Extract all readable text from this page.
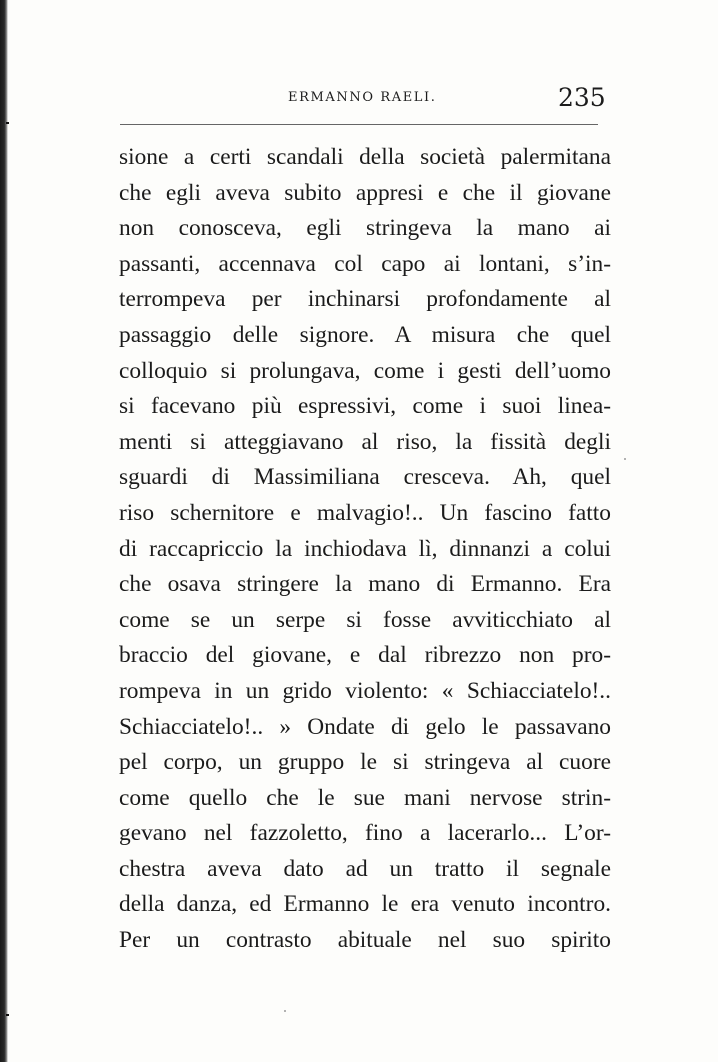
ERMANNO RAELI.	235
sione a certi scandali della società palermitana
che egli aveva subito appresi e che il giovane
non conosceva, egli stringeva la mano ai
passanti, accennava col capo ai lontani, s’in-
terrompeva per inchinarsi profondamente al
passaggio delle signore. A misura che quel
colloquio si prolungava, come i gesti dell’uomo
si facevano più espressivi, come i suoi linea-
menti si atteggiavano al riso, la fissità degli
sguardi di Massimiliana cresceva. Ah, quel
riso schernitore e malvagio!.. Un fascino fatto
di raccapriccio la inchiodava lì, dinnanzi a colui
che osava stringere la mano di Ermanno. Era
come se un serpe si fosse avviticchiato al
braccio del giovane, e dal ribrezzo non pro-
rompeva in un grido violento: « Schiacciatelo!..
Schiacciatelo!.. » Ondate di gelo le passavano
pel corpo, un gruppo le si stringeva al cuore
come quello che le sue mani nervose strin-
gevano nel fazzoletto, fino a lacerarlo... L’or-
chestra aveva dato ad un tratto il segnale
della danza, ed Ermanno le era venuto incontro.
Per un contrasto abituale nel suo spirito
